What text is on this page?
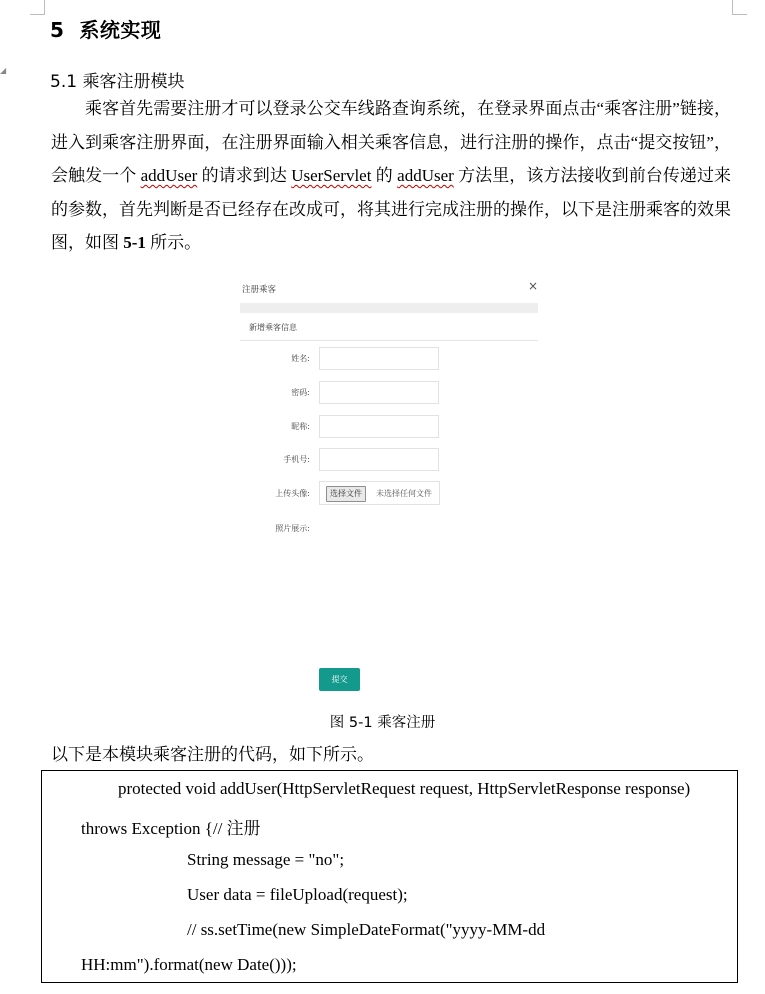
◢
5 系统实现
5.1 乘客注册模块

乘客首先需要注册才可以登录公交车线路查询系统，在登录界面点击“乘客注册”链接，进入到乘客注册界面，在注册界面输入相关乘客信息，进行注册的操作，点击“提交按钮”，会触发一个 addUser 的请求到达 UserServlet 的 addUser 方法里，该方法接收到前台传递过来的参数，首先判断是否已经存在改成可，将其进行完成注册的操作，以下是注册乘客的效果图，如图 5-1 所示。

注册乘客	×
新增乘客信息
姓名:
密码:
昵称:
手机号:
上传头像:	选择文件	未选择任何文件
照片展示:
提交
图 5-1 乘客注册
以下是本模块乘客注册的代码，如下所示。
protected void addUser(HttpServletRequest request, HttpServletResponse response)
throws Exception {// 注册
String message = "no";
User data = fileUpload(request);
// ss.setTime(new SimpleDateFormat("yyyy-MM-dd
HH:mm").format(new Date()));
